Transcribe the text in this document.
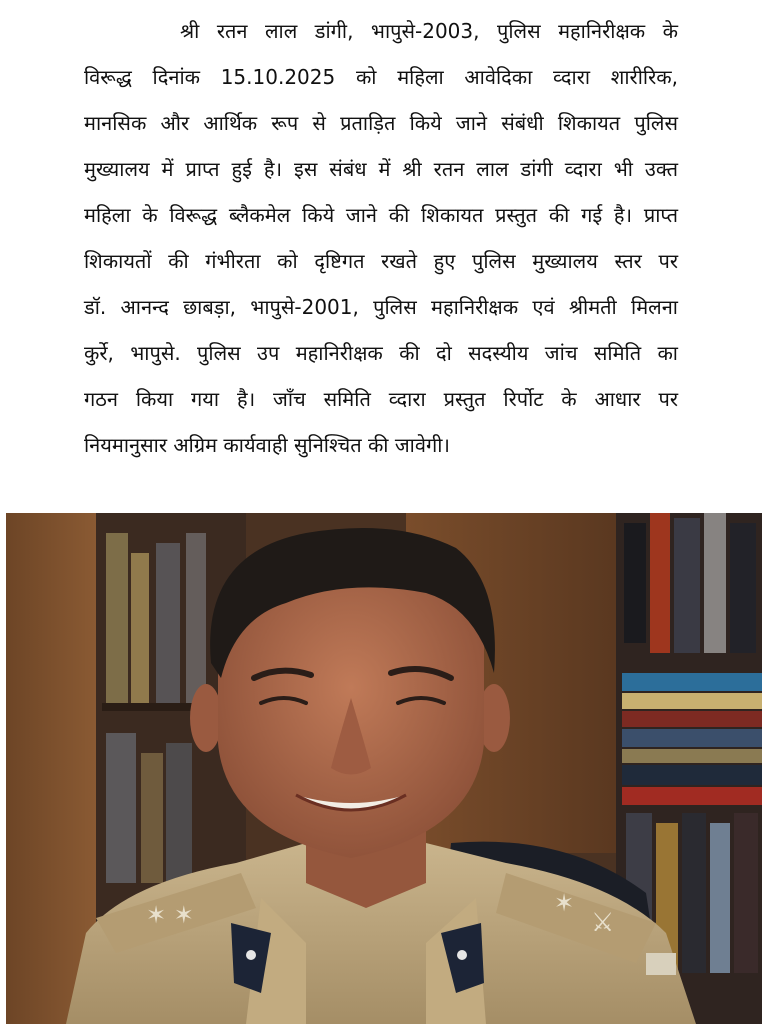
श्री रतन लाल डांगी, भापुसे-2003, पुलिस महानिरीक्षक के
विरूद्ध दिनांक 15.10.2025 को महिला आवेदिका व्दारा शारीरिक,
मानसिक और आर्थिक रूप से प्रताड़ित किये जाने संबंधी शिकायत पुलिस
मुख्यालय में प्राप्त हुई है। इस संबंध में श्री रतन लाल डांगी व्दारा भी उक्त
महिला के विरूद्ध ब्लैकमेल किये जाने की शिकायत प्रस्तुत की गई है। प्राप्त
शिकायतों की गंभीरता को दृष्टिगत रखते हुए पुलिस मुख्यालय स्तर पर
डॉ. आनन्द छाबड़ा, भापुसे-2001, पुलिस महानिरीक्षक एवं श्रीमती मिलना
कुर्रे, भापुसे. पुलिस उप महानिरीक्षक की दो सदस्यीय जांच समिति का
गठन किया गया है। जाँच समिति व्दारा प्रस्तुत रिर्पोट के आधार पर
नियमानुसार अग्रिम कार्यवाही सुनिश्चित की जावेगी।
✶ ✶	✶
⚔
